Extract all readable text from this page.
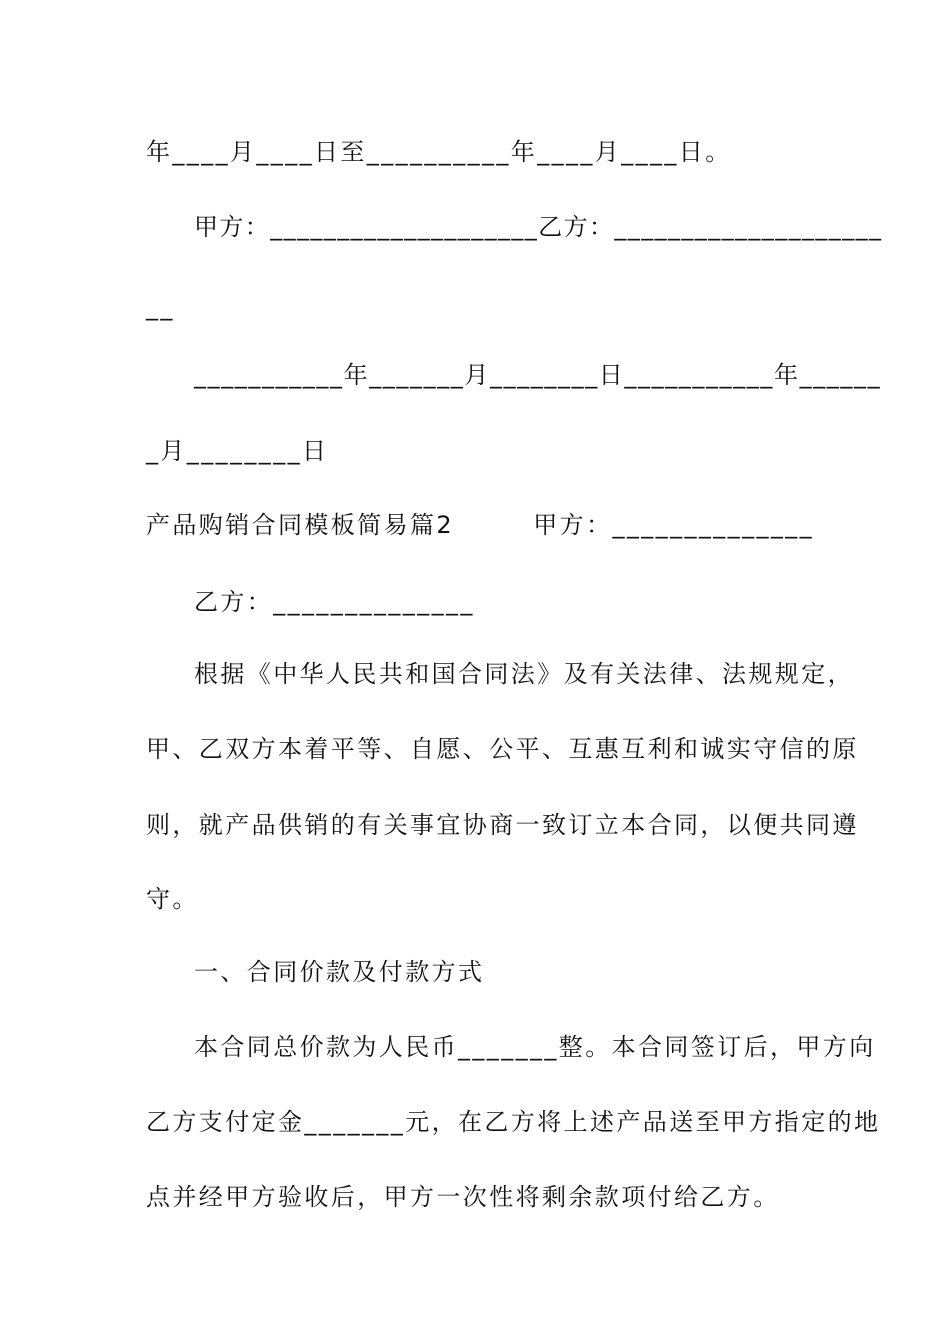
年____月____日至__________年____月____日。
甲方：____________________乙方：____________________
__
___________年_______月________日___________年______
_月________日
产品购销合同模板简易篇2　　　甲方：______________
乙方：______________
根据《中华人民共和国合同法》及有关法律、法规规定，
甲、乙双方本着平等、自愿、公平、互惠互利和诚实守信的原
则，就产品供销的有关事宜协商一致订立本合同，以便共同遵
守。
一、合同价款及付款方式
本合同总价款为人民币_______整。本合同签订后，甲方向
乙方支付定金_______元，在乙方将上述产品送至甲方指定的地
点并经甲方验收后，甲方一次性将剩余款项付给乙方。
